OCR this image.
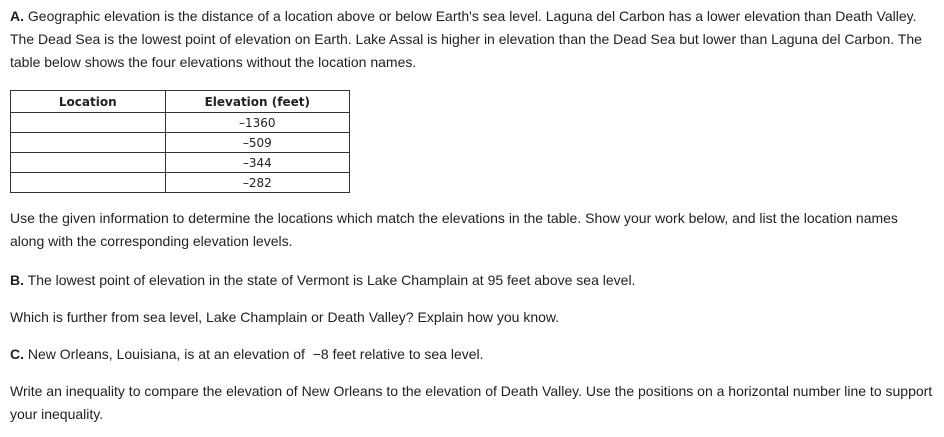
A. Geographic elevation is the distance of a location above or below Earth's sea level. Laguna del Carbon has a lower elevation than Death Valley. The Dead Sea is the lowest point of elevation on Earth. Lake Assal is higher in elevation than the Dead Sea but lower than Laguna del Carbon. The table below shows the four elevations without the location names.

Location	Elevation (feet)
	–1360
	–509
	–344
	–282

Use the given information to determine the locations which match the elevations in the table. Show your work below, and list the location names along with the corresponding elevation levels.

B. The lowest point of elevation in the state of Vermont is Lake Champlain at 95 feet above sea level.

Which is further from sea level, Lake Champlain or Death Valley? Explain how you know.

C. New Orleans, Louisiana, is at an elevation of  −8 feet relative to sea level.

Write an inequality to compare the elevation of New Orleans to the elevation of Death Valley. Use the positions on a horizontal number line to support your inequality.
